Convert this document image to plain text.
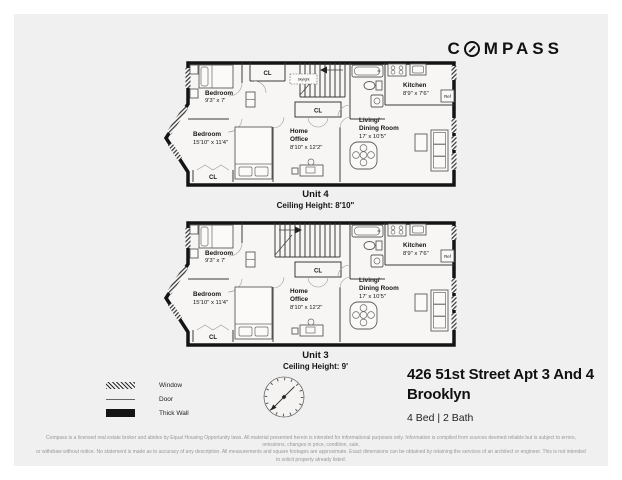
C MPASS
Skylight
Bedroom
9'3" x 7'
Bedroom
15'10" x 11'4"
Home
Office
8'10" x 12'2"
Living/
Dining Room
17' x 10'5"
Kitchen
8'9" x 7'6"	Ref
CL
CL
CL
Unit 4
Ceiling Height: 8'10"
Bedroom
9'3" x 7'
Bedroom
15'10" x 11'4"
Home
Office
8'10" x 12'2"
Living/
Dining Room
17' x 10'5"
Kitchen
8'9" x 7'6"	Ref
CL
CL
Unit 3
Ceiling Height: 9'
Window
Door
Thick Wall
426 51st Street Apt 3 And 4
Brooklyn
4 Bed | 2 Bath
Compass is a licensed real estate broker and abides by Equal Housing Opportunity laws. All material presented herein is intended for informational purposes only. Information is compiled from sources deemed reliable but is subject to errors, omissions, changes in price, condition, sale,
or withdraw without notice. No statement is made as to accuracy of any description. All measurements and square footages are approximate. Exact dimensions can be obtained by retaining the services of an architect or engineer. This is not intended to solicit property already listed.
